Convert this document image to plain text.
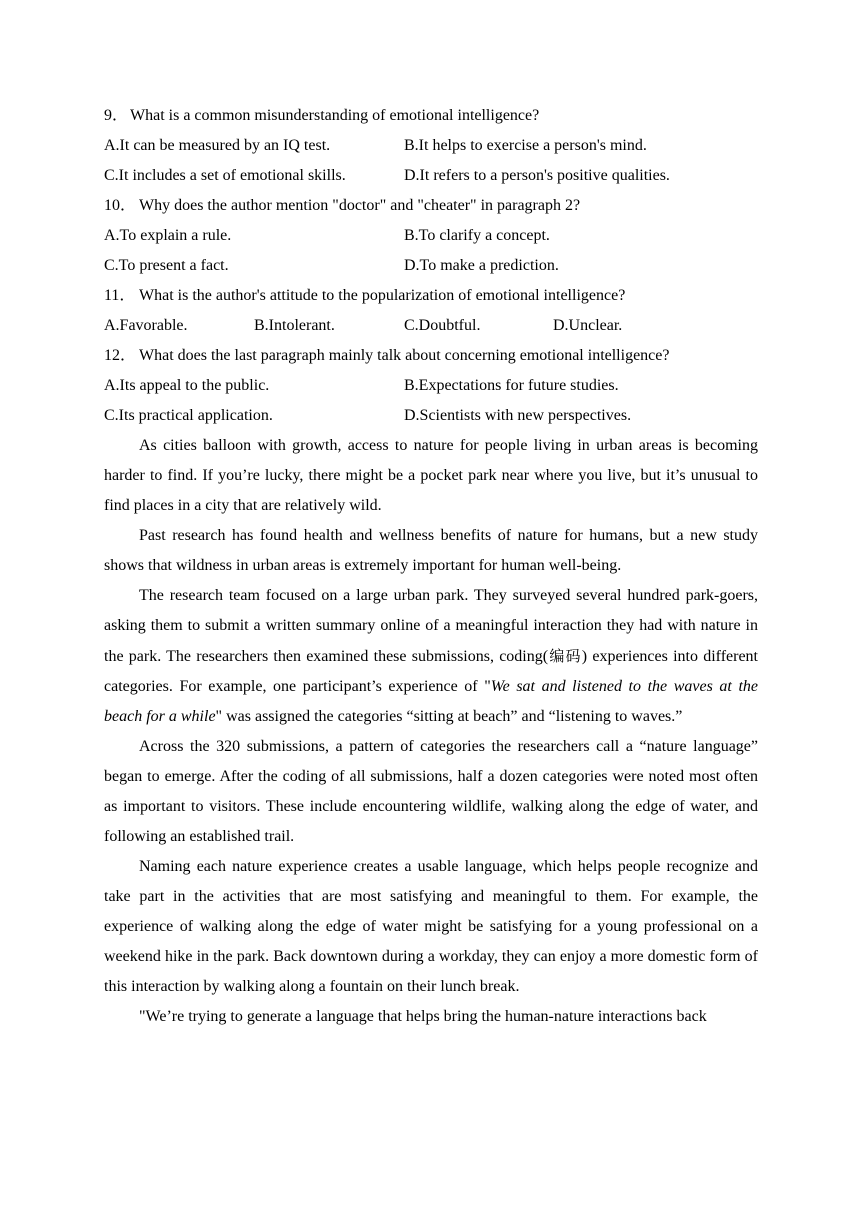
9． What is a common misunderstanding of emotional intelligence?
A.It can be measured by an IQ test.	B.It helps to exercise a person's mind.
C.It includes a set of emotional skills.	D.It refers to a person's positive qualities.
10． Why does the author mention "doctor" and "cheater" in paragraph 2?
A.To explain a rule.	B.To clarify a concept.
C.To present a fact.	D.To make a prediction.
11． What is the author's attitude to the popularization of emotional intelligence?
A.Favorable.	B.Intolerant.	C.Doubtful.	D.Unclear.
12． What does the last paragraph mainly talk about concerning emotional intelligence?
A.Its appeal to the public.	B.Expectations for future studies.
C.Its practical application.	D.Scientists with new perspectives.

As cities balloon with growth, access to nature for people living in urban areas is becoming harder to find. If you’re lucky, there might be a pocket park near where you live, but it’s unusual to find places in a city that are relatively wild.

Past research has found health and wellness benefits of nature for humans, but a new study shows that wildness in urban areas is extremely important for human well-being.

The research team focused on a large urban park. They surveyed several hundred park-goers, asking them to submit a written summary online of a meaningful interaction they had with nature in the park. The researchers then examined these submissions, coding(编码) experiences into different categories. For example, one participant’s experience of "We sat and listened to the waves at the beach for a while" was assigned the categories “sitting at beach” and “listening to waves.”

Across the 320 submissions, a pattern of categories the researchers call a “nature language” began to emerge. After the coding of all submissions, half a dozen categories were noted most often as important to visitors. These include encountering wildlife, walking along the edge of water, and following an established trail.

Naming each nature experience creates a usable language, which helps people recognize and take part in the activities that are most satisfying and meaningful to them. For example, the experience of walking along the edge of water might be satisfying for a young professional on a weekend hike in the park. Back downtown during a workday, they can enjoy a more domestic form of this interaction by walking along a fountain on their lunch break.

"We’re trying to generate a language that helps bring the human-nature interactions back
